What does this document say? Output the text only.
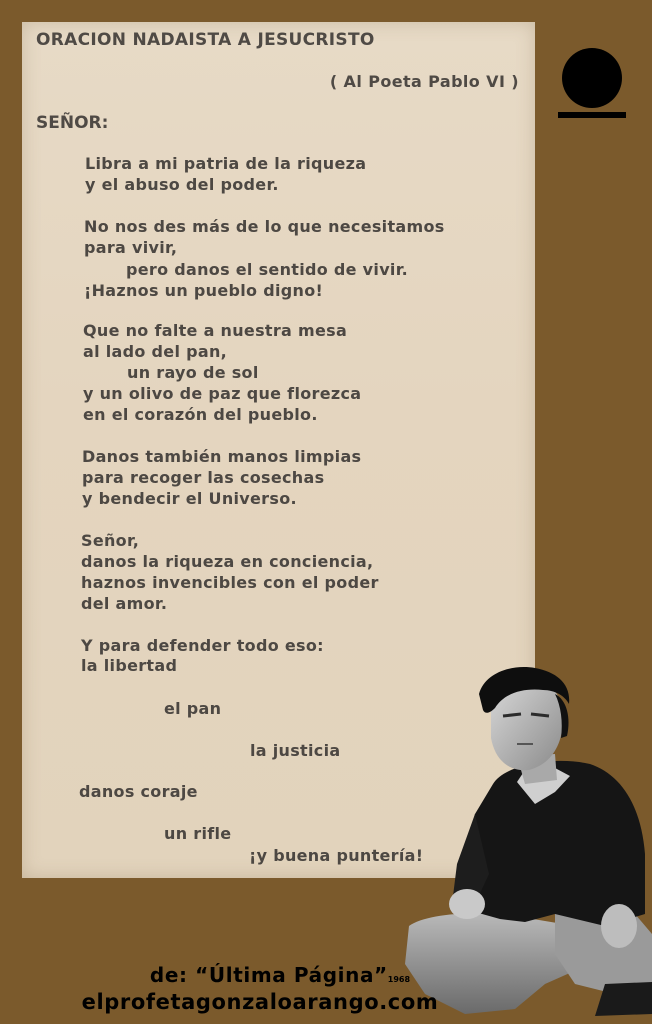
ORACION NADAISTA A JESUCRISTO
( Al Poeta Pablo VI )
SEÑOR:
Libra a mi patria de la riqueza
y el abuso del poder.
No nos des más de lo que necesitamos
para vivir,
pero danos el sentido de vivir.
¡Haznos un pueblo digno!
Que no falte a nuestra mesa
al lado del pan,
un rayo de sol
y un olivo de paz que florezca
en el corazón del pueblo.
Danos también manos limpias
para recoger las cosechas
y bendecir el Universo.
Señor,
danos la riqueza en conciencia,
haznos invencibles con el poder
del amor.
Y para defender todo eso:
la libertad
el pan
la justicia
danos coraje
un rifle
¡y buena puntería!
de: “Última Página”1968
elprofetagonzaloarango.com
